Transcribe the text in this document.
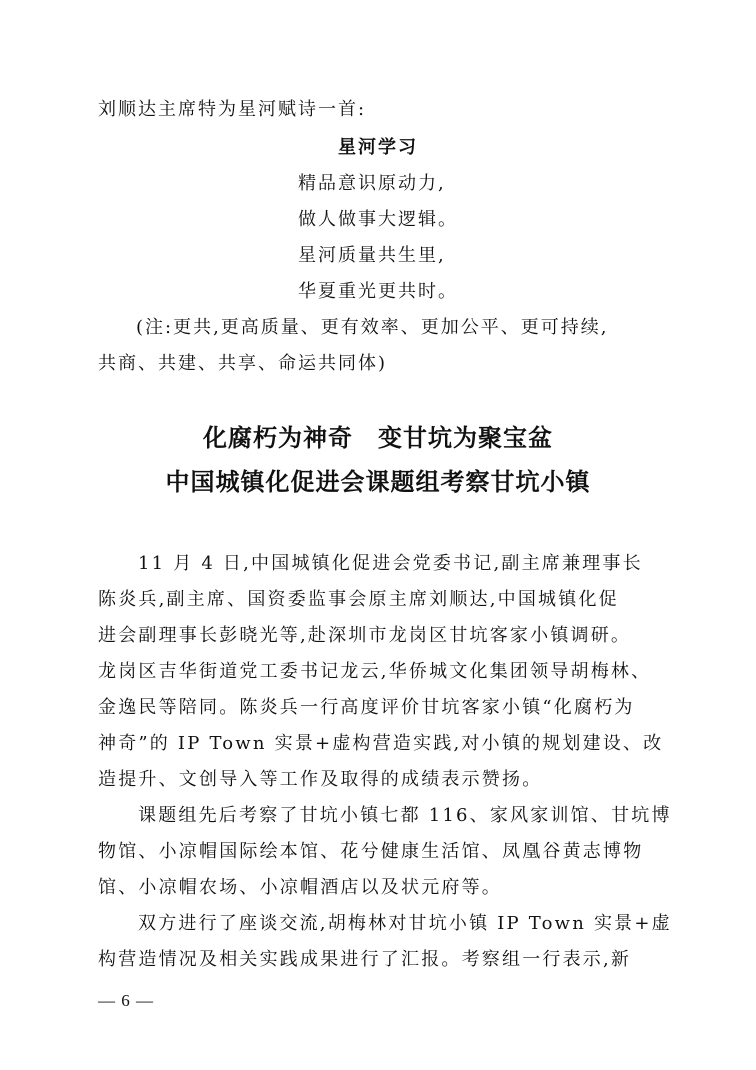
刘顺达主席特为星河赋诗一首:
星河学习
精品意识原动力,
做人做事大逻辑。
星河质量共生里,
华夏重光更共时。
(注:更共,更高质量、更有效率、更加公平、更可持续,
共商、共建、共享、命运共同体)
化腐朽为神奇　变甘坑为聚宝盆
中国城镇化促进会课题组考察甘坑小镇
11 月 4 日,中国城镇化促进会党委书记,副主席兼理事长
陈炎兵,副主席、国资委监事会原主席刘顺达,中国城镇化促
进会副理事长彭晓光等,赴深圳市龙岗区甘坑客家小镇调研。
龙岗区吉华街道党工委书记龙云,华侨城文化集团领导胡梅林、
金逸民等陪同。陈炎兵一行高度评价甘坑客家小镇“化腐朽为
神奇”的 IP Town 实景+虚构营造实践,对小镇的规划建设、改
造提升、文创导入等工作及取得的成绩表示赞扬。
课题组先后考察了甘坑小镇七都 116、家风家训馆、甘坑博
物馆、小凉帽国际绘本馆、花兮健康生活馆、凤凰谷黄志博物
馆、小凉帽农场、小凉帽酒店以及状元府等。
双方进行了座谈交流,胡梅林对甘坑小镇 IP Town 实景+虚
构营造情况及相关实践成果进行了汇报。考察组一行表示,新
— 6 —
